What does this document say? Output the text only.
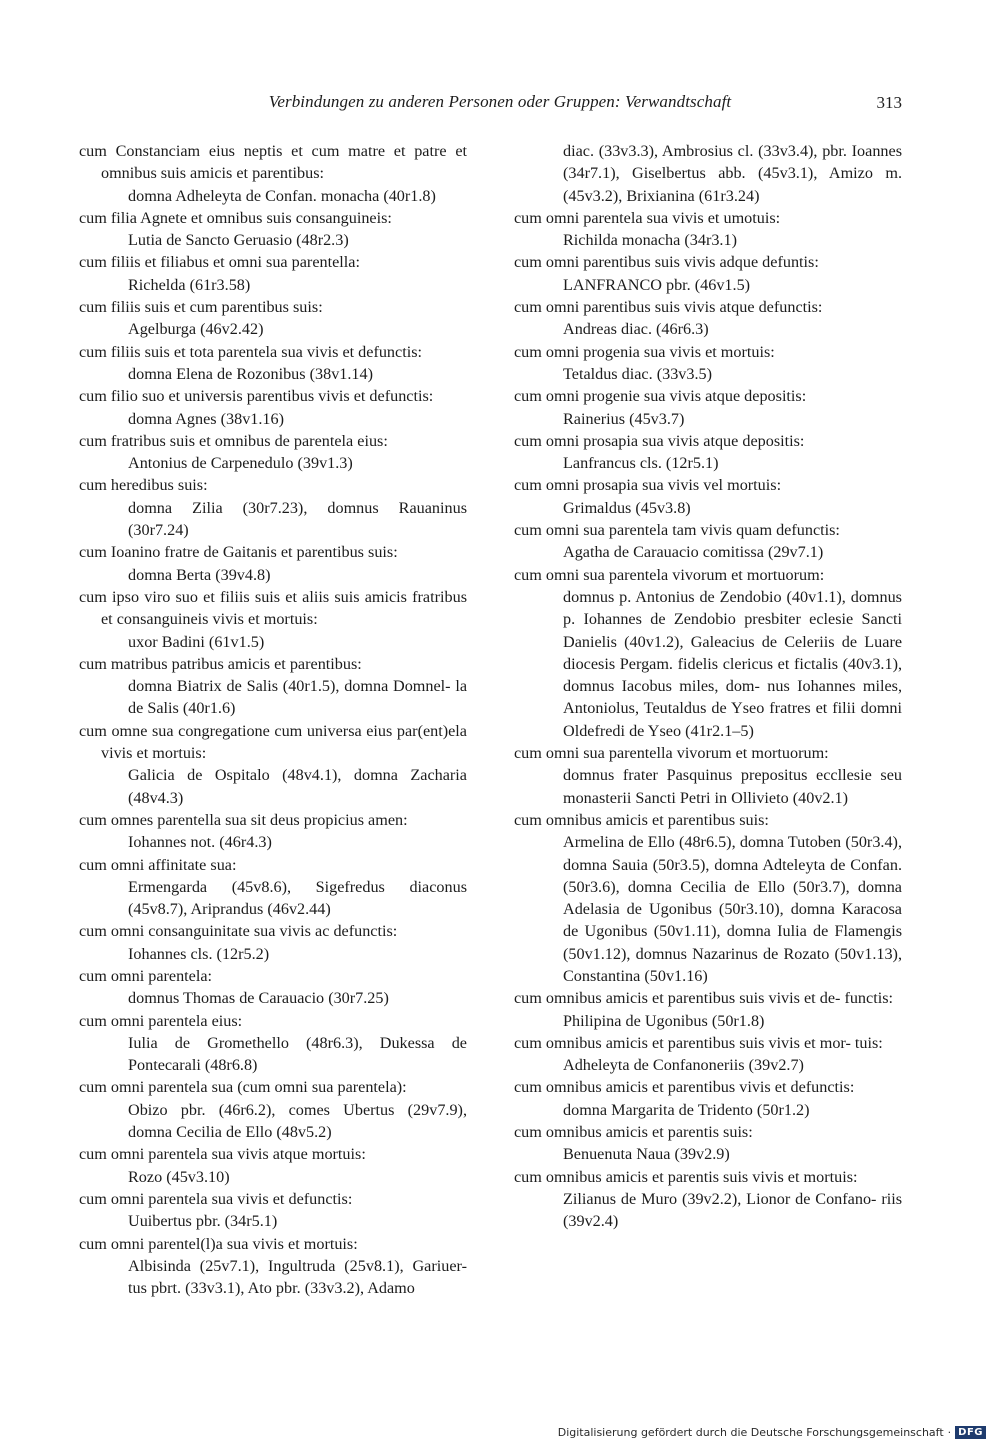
Verbindungen zu anderen Personen oder Gruppen: Verwandtschaft	313
cum Constanciam eius neptis et cum matre et patre et omnibus suis amicis et parentibus:
domna Adheleyta de Confan. monacha (40r1.8)
cum filia Agnete et omnibus suis consanguineis:
Lutia de Sancto Geruasio (48r2.3)
cum filiis et filiabus et omni sua parentella:
Richelda (61r3.58)
cum filiis suis et cum parentibus suis:
Agelburga (46v2.42)
cum filiis suis et tota parentela sua vivis et defunctis:
domna Elena de Rozonibus (38v1.14)
cum filio suo et universis parentibus vivis et defunctis:
domna Agnes (38v1.16)
cum fratribus suis et omnibus de parentela eius:
Antonius de Carpenedulo (39v1.3)
cum heredibus suis:
domna Zilia (30r7.23), domnus Rauaninus (30r7.24)
cum Ioanino fratre de Gaitanis et parentibus suis:
domna Berta (39v4.8)
cum ipso viro suo et filiis suis et aliis suis amicis fratribus et consanguineis vivis et mortuis:
uxor Badini (61v1.5)
cum matribus patribus amicis et parentibus:
domna Biatrix de Salis (40r1.5), domna Domnel- la de Salis (40r1.6)
cum omne sua congregatione cum universa eius par(ent)ela vivis et mortuis:
Galicia de Ospitalo (48v4.1), domna Zacharia (48v4.3)
cum omnes parentella sua sit deus propicius amen:
Iohannes not. (46r4.3)
cum omni affinitate sua:
Ermengarda (45v8.6), Sigefredus diaconus (45v8.7), Ariprandus (46v2.44)
cum omni consanguinitate sua vivis ac defunctis:
Iohannes cls. (12r5.2)
cum omni parentela:
domnus Thomas de Carauacio (30r7.25)
cum omni parentela eius:
Iulia de Gromethello (48r6.3), Dukessa de Pontecarali (48r6.8)
cum omni parentela sua (cum omni sua parentela):
Obizo pbr. (46r6.2), comes Ubertus (29v7.9), domna Cecilia de Ello (48v5.2)
cum omni parentela sua vivis atque mortuis:
Rozo (45v3.10)
cum omni parentela sua vivis et defunctis:
Uuibertus pbr. (34r5.1)
cum omni parentel(l)a sua vivis et mortuis:
Albisinda (25v7.1), Ingultruda (25v8.1), Gariuer- tus pbrt. (33v3.1), Ato pbr. (33v3.2), Adamo
diac. (33v3.3), Ambrosius cl. (33v3.4), pbr. Ioannes (34r7.1), Giselbertus abb. (45v3.1), Amizo m. (45v3.2), Brixianina (61r3.24)
cum omni parentela sua vivis et umotuis:
Richilda monacha (34r3.1)
cum omni parentibus suis vivis adque defuntis:
LANFRANCO pbr. (46v1.5)
cum omni parentibus suis vivis atque defunctis:
Andreas diac. (46r6.3)
cum omni progenia sua vivis et mortuis:
Tetaldus diac. (33v3.5)
cum omni progenie sua vivis atque depositis:
Rainerius (45v3.7)
cum omni prosapia sua vivis atque depositis:
Lanfrancus cls. (12r5.1)
cum omni prosapia sua vivis vel mortuis:
Grimaldus (45v3.8)
cum omni sua parentela tam vivis quam defunctis:
Agatha de Carauacio comitissa (29v7.1)
cum omni sua parentela vivorum et mortuorum:
domnus p. Antonius de Zendobio (40v1.1), domnus p. Iohannes de Zendobio presbiter eclesie Sancti Danielis (40v1.2), Galeacius de Celeriis de Luare diocesis Pergam. fidelis clericus et fictalis (40v3.1), domnus Iacobus miles, dom- nus Iohannes miles, Antoniolus, Teutaldus de Yseo fratres et filii domni Oldefredi de Yseo (41r2.1–5)
cum omni sua parentella vivorum et mortuorum:
domnus frater Pasquinus prepositus eccllesie seu monasterii Sancti Petri in Ollivieto (40v2.1)
cum omnibus amicis et parentibus suis:
Armelina de Ello (48r6.5), domna Tutoben (50r3.4), domna Sauia (50r3.5), domna Adteleyta de Confan. (50r3.6), domna Cecilia de Ello (50r3.7), domna Adelasia de Ugonibus (50r3.10), domna Karacosa de Ugonibus (50v1.11), domna Iulia de Flamengis (50v1.12), domnus Nazarinus de Rozato (50v1.13), Constantina (50v1.16)
cum omnibus amicis et parentibus suis vivis et de- functis:
Philipina de Ugonibus (50r1.8)
cum omnibus amicis et parentibus suis vivis et mor- tuis:
Adheleyta de Confanoneriis (39v2.7)
cum omnibus amicis et parentibus vivis et defunctis:
domna Margarita de Tridento (50r1.2)
cum omnibus amicis et parentis suis:
Benuenuta Naua (39v2.9)
cum omnibus amicis et parentis suis vivis et mortuis:
Zilianus de Muro (39v2.2), Lionor de Confano- riis (39v2.4)
Digitalisierung gefördert durch die Deutsche Forschungsgemeinschaft · DFG
